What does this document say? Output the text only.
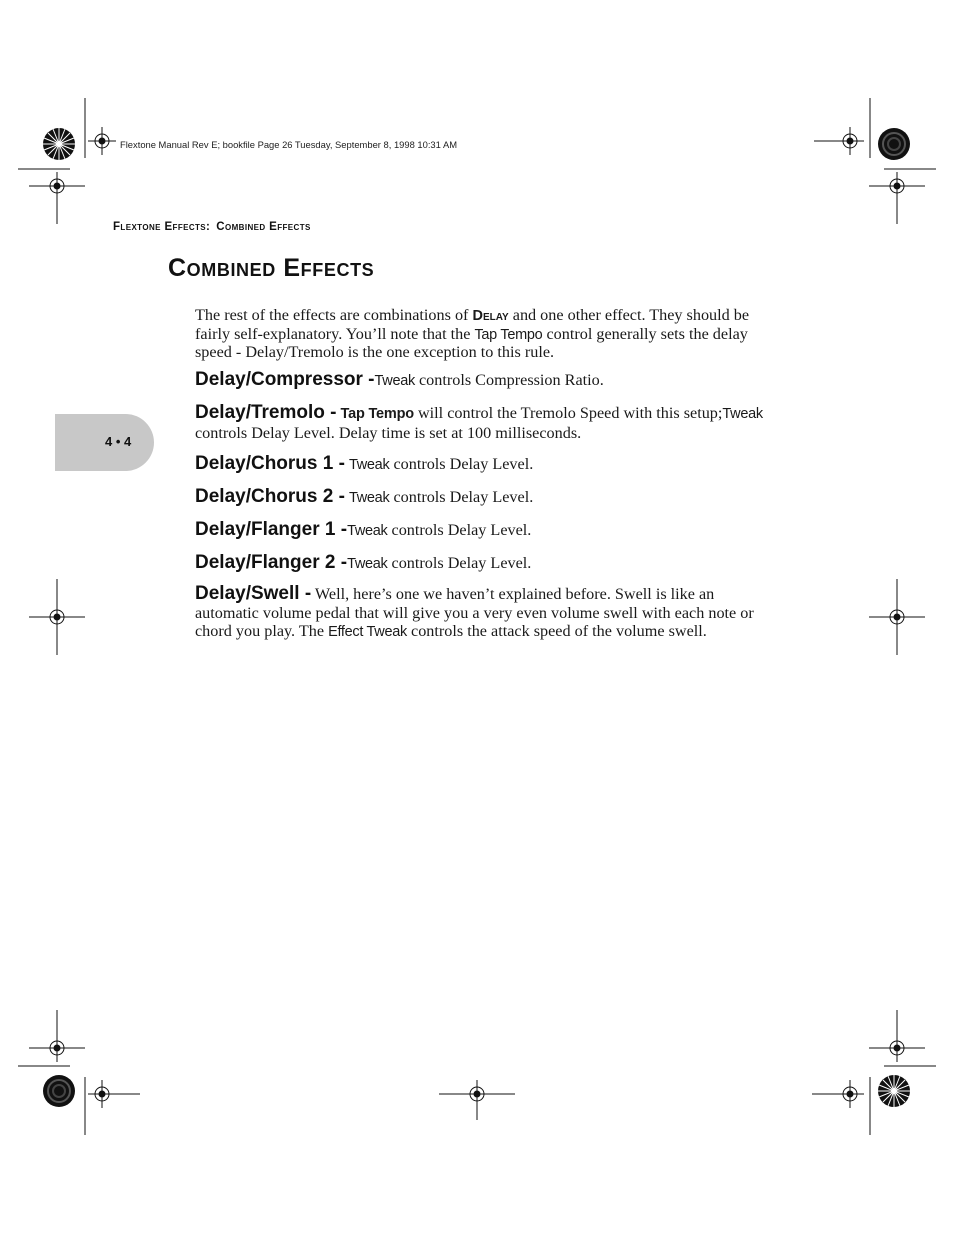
Flextone Manual Rev E; bookfile Page 26 Tuesday, September 8, 1998 10:31 AM
Flextone Effects: Combined Effects
4 • 4
Combined Effects
The rest of the effects are combinations of Delay and one other effect. They should be fairly self-explanatory. You’ll note that the Tap Tempo control generally sets the delay speed - Delay/Tremolo is the one exception to this rule.
Delay/Compressor -Tweak controls Compression Ratio.
Delay/Tremolo - Tap Tempo will control the Tremolo Speed with this setup;Tweak controls Delay Level. Delay time is set at 100 milliseconds.
Delay/Chorus 1 - Tweak controls Delay Level.
Delay/Chorus 2 - Tweak controls Delay Level.
Delay/Flanger 1 -Tweak controls Delay Level.
Delay/Flanger 2 -Tweak controls Delay Level.
Delay/Swell - Well, here’s one we haven’t explained before. Swell is like an automatic volume pedal that will give you a very even volume swell with each note or chord you play. The Effect Tweak controls the attack speed of the volume swell.
